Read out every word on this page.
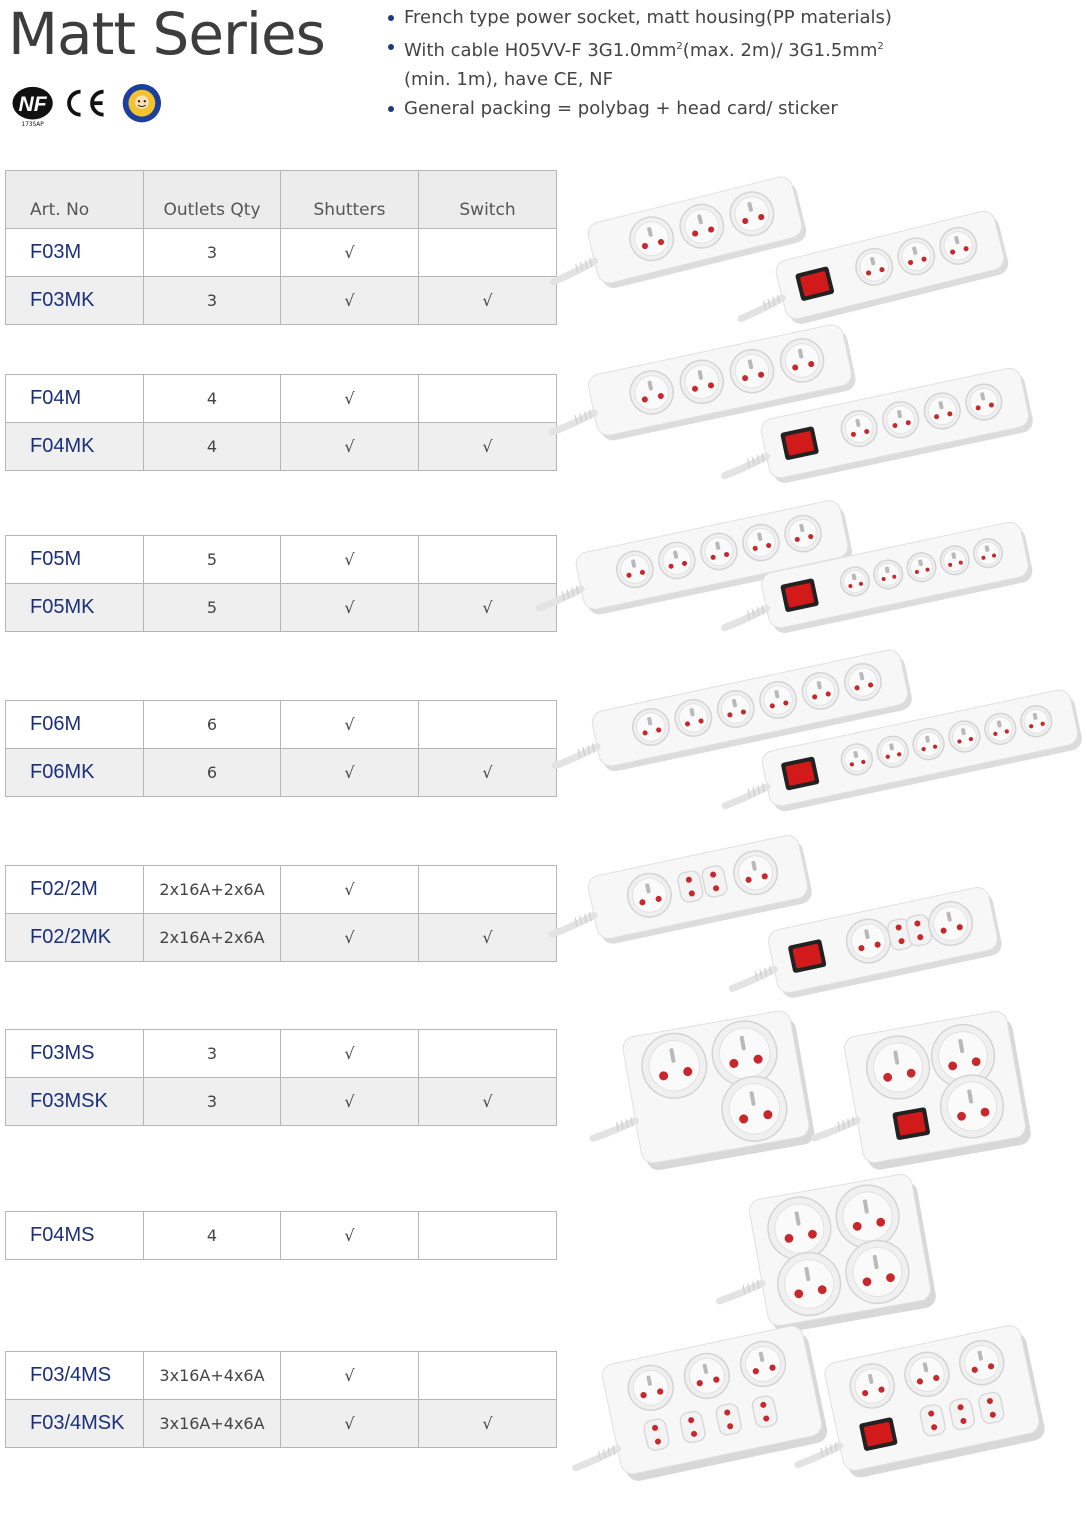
Matt Series
NF
173SAP
French type power socket, matt housing(PP materials)
With cable H05VV-F $3G1.0mm^2(\max$. 2m)/ $3G1.5mm^2$
(min. 1m), have CE, NF
General packing = polybag + head card/ sticker
Art. No	Outlets Qty	Shutters	Switch
F03M	3	√	
F03MK	3	√	√
F04M	4	√	
F04MK	4	√	√
F05M	5	√	
F05MK	5	√	√
F06M	6	√	
F06MK	6	√	√
F02/2M	2x16A+2x6A	√	
F02/2MK	2x16A+2x6A	√	√
F03MS	3	√	
F03MSK	3	√	√
F04MS	4	√	
F03/4MS	3x16A+4x6A	√	
F03/4MSK	3x16A+4x6A	√	√
